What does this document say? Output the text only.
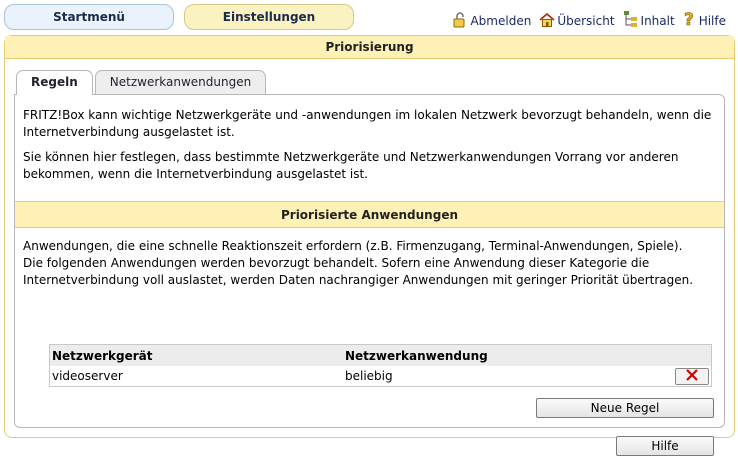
Startmenü	Einstellungen	Abmelden Übersicht Inhalt ? Hilfe
Priorisierung
Regeln	Netzwerkanwendungen

FRITZ!Box kann wichtige Netzwerkgeräte und -anwendungen im lokalen Netzwerk bevorzugt behandeln, wenn die Internetverbindung ausgelastet ist.

Sie können hier festlegen, dass bestimmte Netzwerkgeräte und Netzwerkanwendungen Vorrang vor anderen bekommen, wenn die Internetverbindung ausgelastet ist.

Priorisierte Anwendungen
Anwendungen, die eine schnelle Reaktionszeit erfordern (z.B. Firmenzugang, Terminal-Anwendungen, Spiele).
Die folgenden Anwendungen werden bevorzugt behandelt. Sofern eine Anwendung dieser Kategorie die Internetverbindung voll auslastet, werden Daten nachrangiger Anwendungen mit geringer Priorität übertragen.
Netzwerkgerät	Netzwerkanwendung
videoserver	beliebig
Neue Regel
Hilfe
